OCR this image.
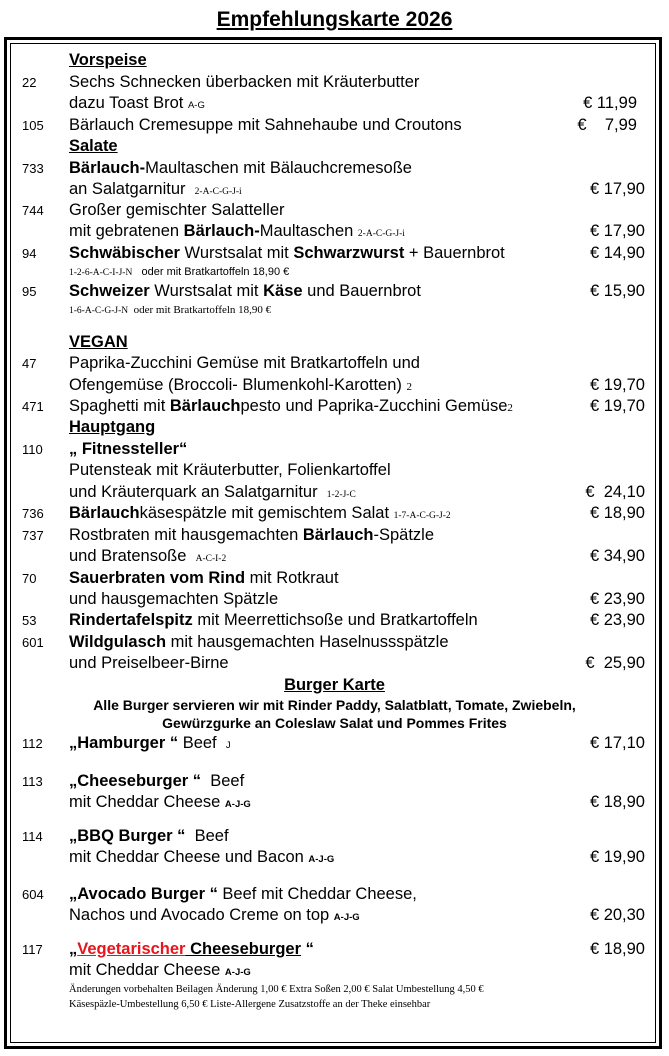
Empfehlungskarte 2026
Vorspeise
22 Sechs Schnecken überbacken mit Kräuterbutter
dazu Toast Brot A-G	€ 11,99
105 Bärlauch Cremesuppe mit Sahnehaube und Croutons	€    7,99
Salate
733 Bärlauch-Maultaschen mit Bälauchcremesoße
an Salatgarnitur 2-A-C-G-J-i	€ 17,90
744 Großer gemischter Salatteller
mit gebratenen Bärlauch-Maultaschen 2-A-C-G-J-i	€ 17,90
94 Schwäbischer Wurstsalat mit Schwarzwurst + Bauernbrot	€ 14,90
1-2-6-A-C-I-J-N oder mit Bratkartoffeln 18,90 €
95 Schweizer Wurstsalat mit Käse und Bauernbrot	€ 15,90
1-6-A-C-G-J-N oder mit Bratkartoffeln 18,90 €
VEGAN
47 Paprika-Zucchini Gemüse mit Bratkartoffeln und
Ofengemüse (Broccoli- Blumenkohl-Karotten) 2	€ 19,70
471 Spaghetti mit Bärlauchpesto und Paprika-Zucchini Gemüse2	€ 19,70
Hauptgang
110 „ Fitnessteller“
Putensteak mit Kräuterbutter, Folienkartoffel
und Kräuterquark an Salatgarnitur 1-2-J-C	€  24,10
736 Bärlauchkäsespätzle mit gemischtem Salat 1-7-A-C-G-J-2	€ 18,90
737 Rostbraten mit hausgemachten Bärlauch-Spätzle
und Bratensoße A-C-I-2	€ 34,90
70 Sauerbraten vom Rind mit Rotkraut
und hausgemachten Spätzle	€ 23,90
53 Rindertafelspitz mit Meerrettichsoße und Bratkartoffeln	€ 23,90
601 Wildgulasch mit hausgemachten Haselnussspätzle
und Preiselbeer-Birne	€  25,90
Burger Karte
Alle Burger servieren wir mit Rinder Paddy, Salatblatt, Tomate, Zwiebeln,
Gewürzgurke an Coleslaw Salat und Pommes Frites
112 „Hamburger “ Beef J	€ 17,10
113 „Cheeseburger “  Beef
mit Cheddar Cheese A-J-G	€ 18,90
114 „BBQ Burger “  Beef
mit Cheddar Cheese und Bacon A-J-G	€ 19,90
604 „Avocado Burger “ Beef mit Cheddar Cheese,
Nachos und Avocado Creme on top A-J-G	€ 20,30
117 „Vegetarischer Cheeseburger “	€ 18,90
mit Cheddar Cheese A-J-G
Änderungen vorbehalten Beilagen Änderung 1,00 € Extra Soßen 2,00 € Salat Umbestellung 4,50 €
Käsespäzle-Umbestellung 6,50 € Liste-Allergene Zusatzstoffe an der Theke einsehbar
